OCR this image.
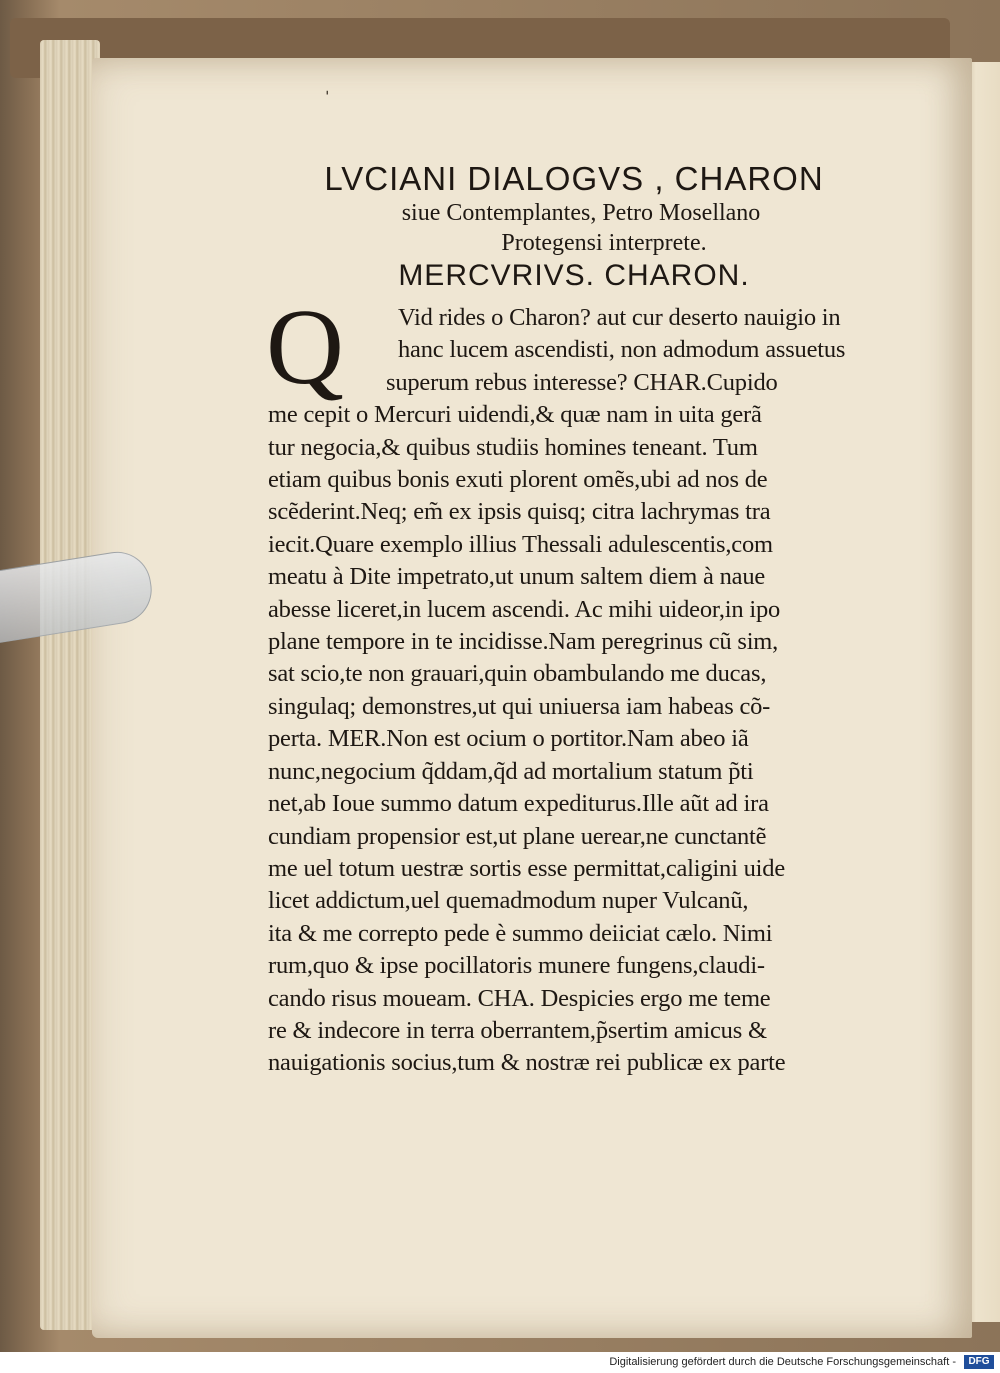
ˈ
LVCIANI DIALOGVS , CHARON
siue Contemplantes, Petro Mosellano
Protegensi interprete.
MERCVRIVS. CHARON.
Q	Vid rides o Charon? aut cur deserto nauigio in
hanc lucem ascendisti, non admodum assuetus
superum rebus interesse? CHAR.Cupido
me cepit o Mercuri uidendi,& quæ nam in uita gerã
tur negocia,& quibus studiis homines teneant. Tum
etiam quibus bonis exuti plorent omẽs,ubi ad nos de
scẽderint.Neq; em̃ ex ipsis quisq; citra lachrymas tra
iecit.Quare exemplo illius Thessali adulescentis,com
meatu à Dite impetrato,ut unum saltem diem à naue
abesse liceret,in lucem ascendi. Ac mihi uideor,in ipo
plane tempore in te incidisse.Nam peregrinus cũ sim,
sat scio,te non grauari,quin obambulando me ducas,
singulaq; demonstres,ut qui uniuersa iam habeas cõ-
perta. MER.Non est ocium o portitor.Nam abeo iã
nunc,negocium q̃ddam,q̃d ad mortalium statum p̃ti
net,ab Ioue summo datum expediturus.Ille aũt ad ira
cundiam propensior est,ut plane uerear,ne cunctantẽ
me uel totum uestræ sortis esse permittat,caligini uide
licet addictum,uel quemadmodum nuper Vulcanũ,
ita & me correpto pede è summo deiiciat cælo. Nimi
rum,quo & ipse pocillatoris munere fungens,claudi-
cando risus moueam. CHA. Despicies ergo me teme
re & indecore in terra oberrantem,p̃sertim amicus &
nauigationis socius,tum & nostræ rei publicæ ex parte
Digitalisierung gefördert durch die Deutsche Forschungsgemeinschaft -	DFG
